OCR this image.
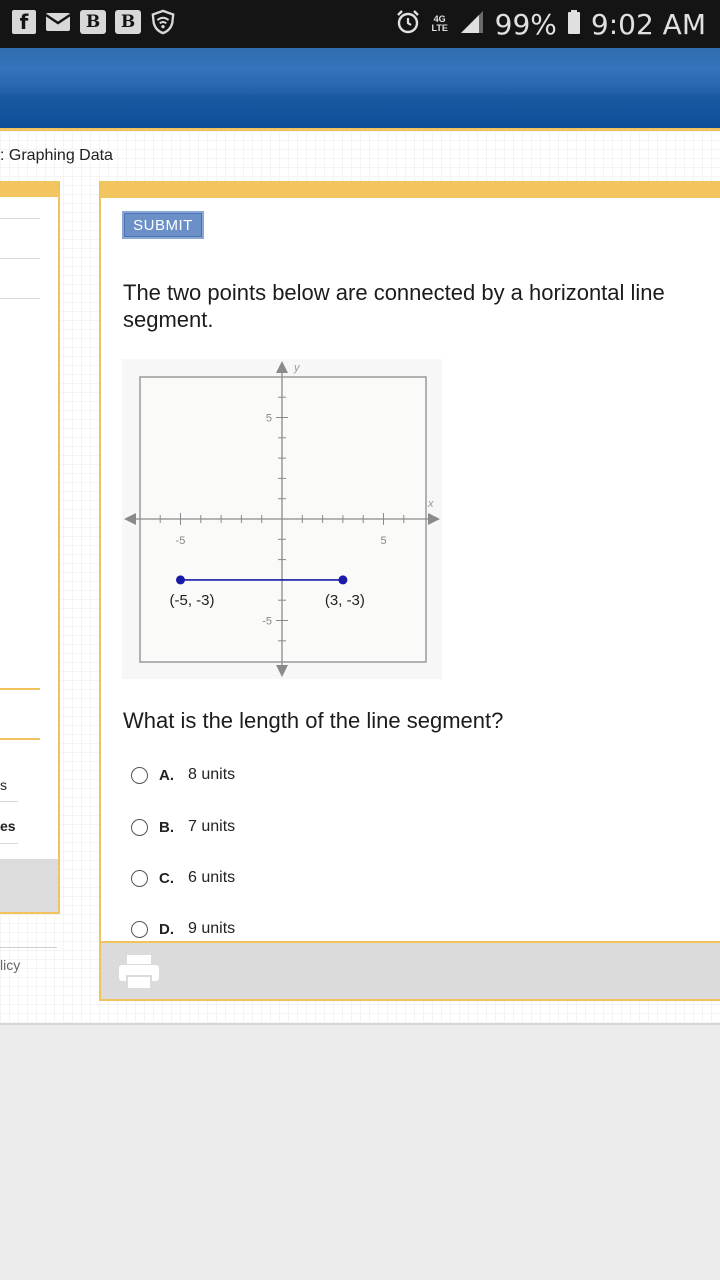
f	B	B	4G LTE 99% 9:02 AM
: Graphing Data
s
es
licy
SUBMIT
The two points below are connected by a horizontal line segment.
x
y
-5	5
5
-5
(-5, -3)	(3, -3)
What is the length of the line segment?
A. 8 units
B. 7 units
C. 6 units
D. 9 units
